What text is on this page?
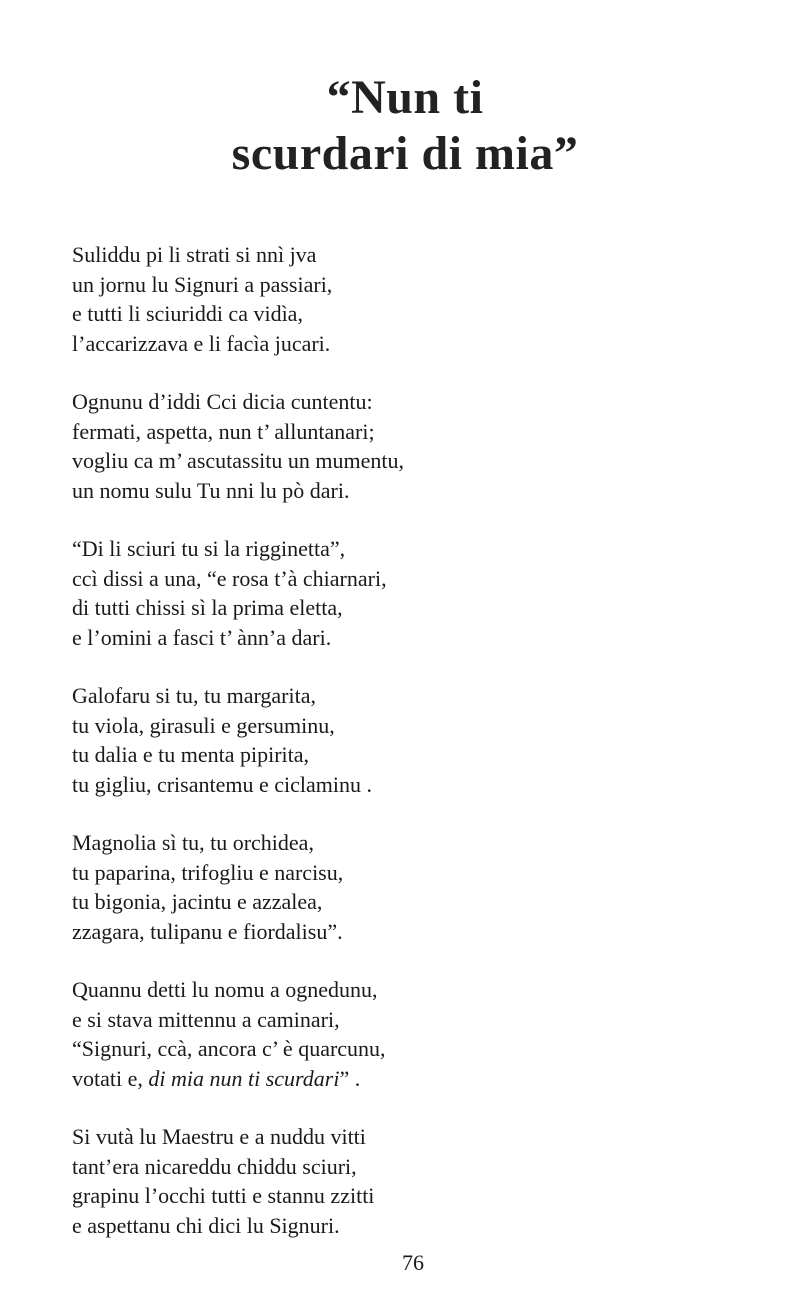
“Nun ti
scurdari di mia”
Suliddu pi li strati si nnì jva
un jornu lu Signuri a passiari,
e tutti li sciuriddi ca vidìa,
l’accarizzava e li facìa jucari.
Ognunu d’iddi Cci dicia cuntentu:
fermati, aspetta, nun t’ alluntanari;
vogliu ca m’ ascutassitu un mumentu,
un nomu sulu Tu nni lu pò dari.
“Di li sciuri tu si la rigginetta”,
ccì dissi a una, “e rosa t’à chiarnari,
di tutti chissi sì la prima eletta,
e l’omini a fasci t’ ànn’a dari.
Galofaru si tu, tu margarita,
tu viola, girasuli e gersuminu,
tu dalia e tu menta pipirita,
tu gigliu, crisantemu e ciclaminu .
Magnolia sì tu, tu orchidea,
tu paparina, trifogliu e narcisu,
tu bigonia, jacintu e azzalea,
zzagara, tulipanu e fiordalisu”.
Quannu detti lu nomu a ognedunu,
e si stava mittennu a caminari,
“Signuri, ccà, ancora c’ è quarcunu,
votati e, di mia nun ti scurdari” .
Si vutà lu Maestru e a nuddu vitti
tant’era nicareddu chiddu sciuri,
grapinu l’occhi tutti e stannu zzitti
e aspettanu chi dici lu Signuri.
76
